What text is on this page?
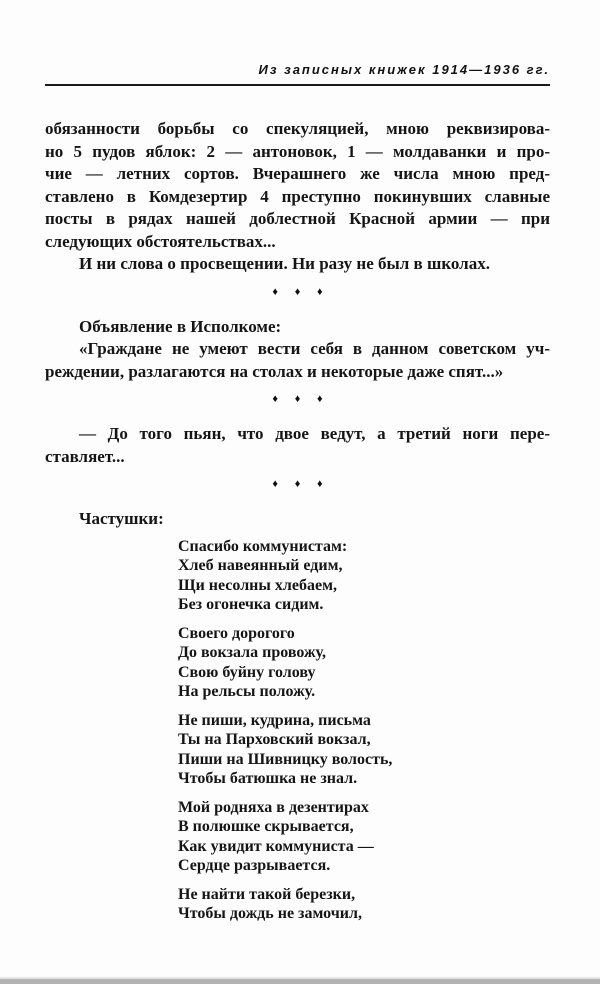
Из записных книжек 1914—1936 гг.

обязанности борьбы со спекуляцией, мною реквизирова-
но 5 пудов яблок: 2 — антоновок, 1 — молдаванки и про-
чие — летних сортов. Вчерашнего же числа мною пред-
ставлено в Комдезертир 4 преступно покинувших славные
посты в рядах нашей доблестной Красной армии — при
следующих обстоятельствах...

И ни слова о просвещении. Ни разу не был в школах.

♦ ♦ ♦

Объявление в Исполкоме:

«Граждане не умеют вести себя в данном советском уч-
реждении, разлагаются на столах и некоторые даже спят...»

♦ ♦ ♦

— До того пьян, что двое ведут, а третий ноги пере-
ставляет...

♦ ♦ ♦

Частушки:

Спасибо коммунистам:
Хлеб навеянный едим,
Щи несолны хлебаем,
Без огонечка сидим.
Своего дорогого
До вокзала провожу,
Свою буйну голову
На рельсы положу.
Не пиши, кудрина, письма
Ты на Парховский вокзал,
Пиши на Шивницку волость,
Чтобы батюшка не знал.
Мой родняха в дезентирах
В полюшке скрывается,
Как увидит коммуниста —
Сердце разрывается.
Не найти такой березки,
Чтобы дождь не замочил,
